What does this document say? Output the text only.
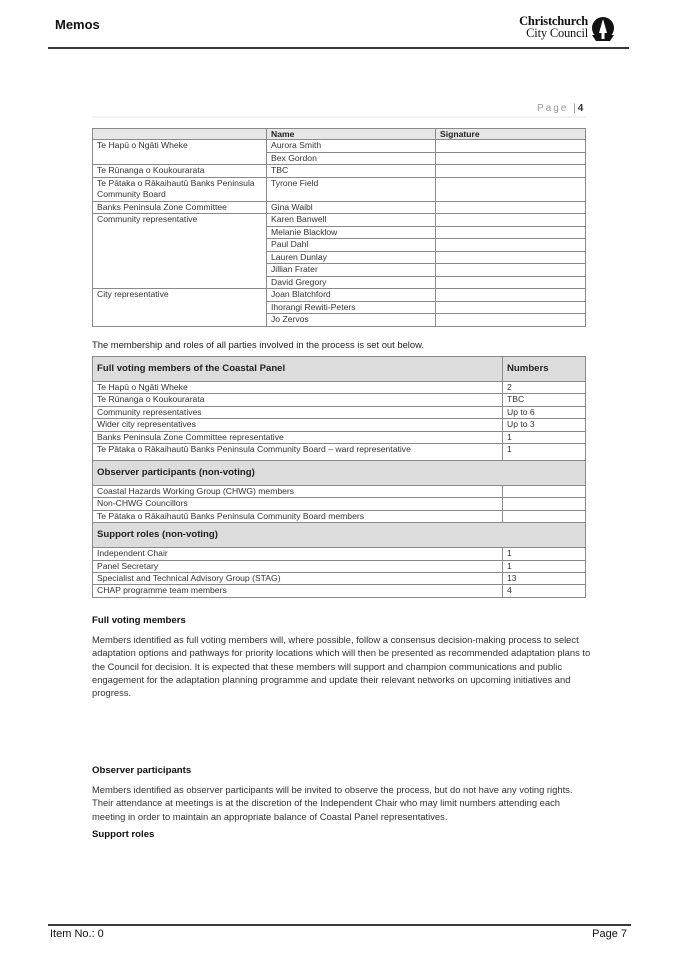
Memos	Christchurch
City Council
Page |4
	Name	Signature
Te Hapū o Ngāti Wheke	Aurora Smith	
	Bex Gordon	
Te Rūnanga o Koukourarata	TBC	
Te Pātaka o Rākaihautū Banks Peninsula Community Board	Tyrone Field	
Banks Peninsula Zone Committee	Gina Waibl	
Community representative	Karen Banwell	
	Melanie Blacklow	
	Paul Dahl	
	Lauren Dunlay	
	Jillian Frater	
	David Gregory	
City representative	Joan Blatchford	
	Ihorangi Rewiti-Peters	
	Jo Zervos	
The membership and roles of all parties involved in the process is set out below.
Full voting members of the Coastal Panel	Numbers
Te Hapū o Ngāti Wheke	2
Te Rūnanga o Koukourarata	TBC
Community representatives	Up to 6
Wider city representatives	Up to 3
Banks Peninsula Zone Committee representative	1
Te Pātaka o Rākaihautū Banks Peninsula Community Board – ward representative	1
Observer participants (non-voting)	
Coastal Hazards Working Group (CHWG) members	
Non-CHWG Councillors	
Te Pātaka o Rākaihautū Banks Peninsula Community Board members	
Support roles (non-voting)	
Independent Chair	1
Panel Secretary	1
Specialist and Technical Advisory Group (STAG)	13
CHAP programme team members	4
Full voting members
Members identified as full voting members will, where possible, follow a consensus decision-making process to select adaptation options and pathways for priority locations which will then be presented as recommended adaptation plans to the Council for decision. It is expected that these members will support and champion communications and public engagement for the adaptation planning programme and update their relevant networks on upcoming initiatives and progress.
Observer participants
Members identified as observer participants will be invited to observe the process, but do not have any voting rights. Their attendance at meetings is at the discretion of the Independent Chair who may limit numbers attending each meeting in order to maintain an appropriate balance of Coastal Panel representatives.
Support roles
Item No.: 0	Page 7
